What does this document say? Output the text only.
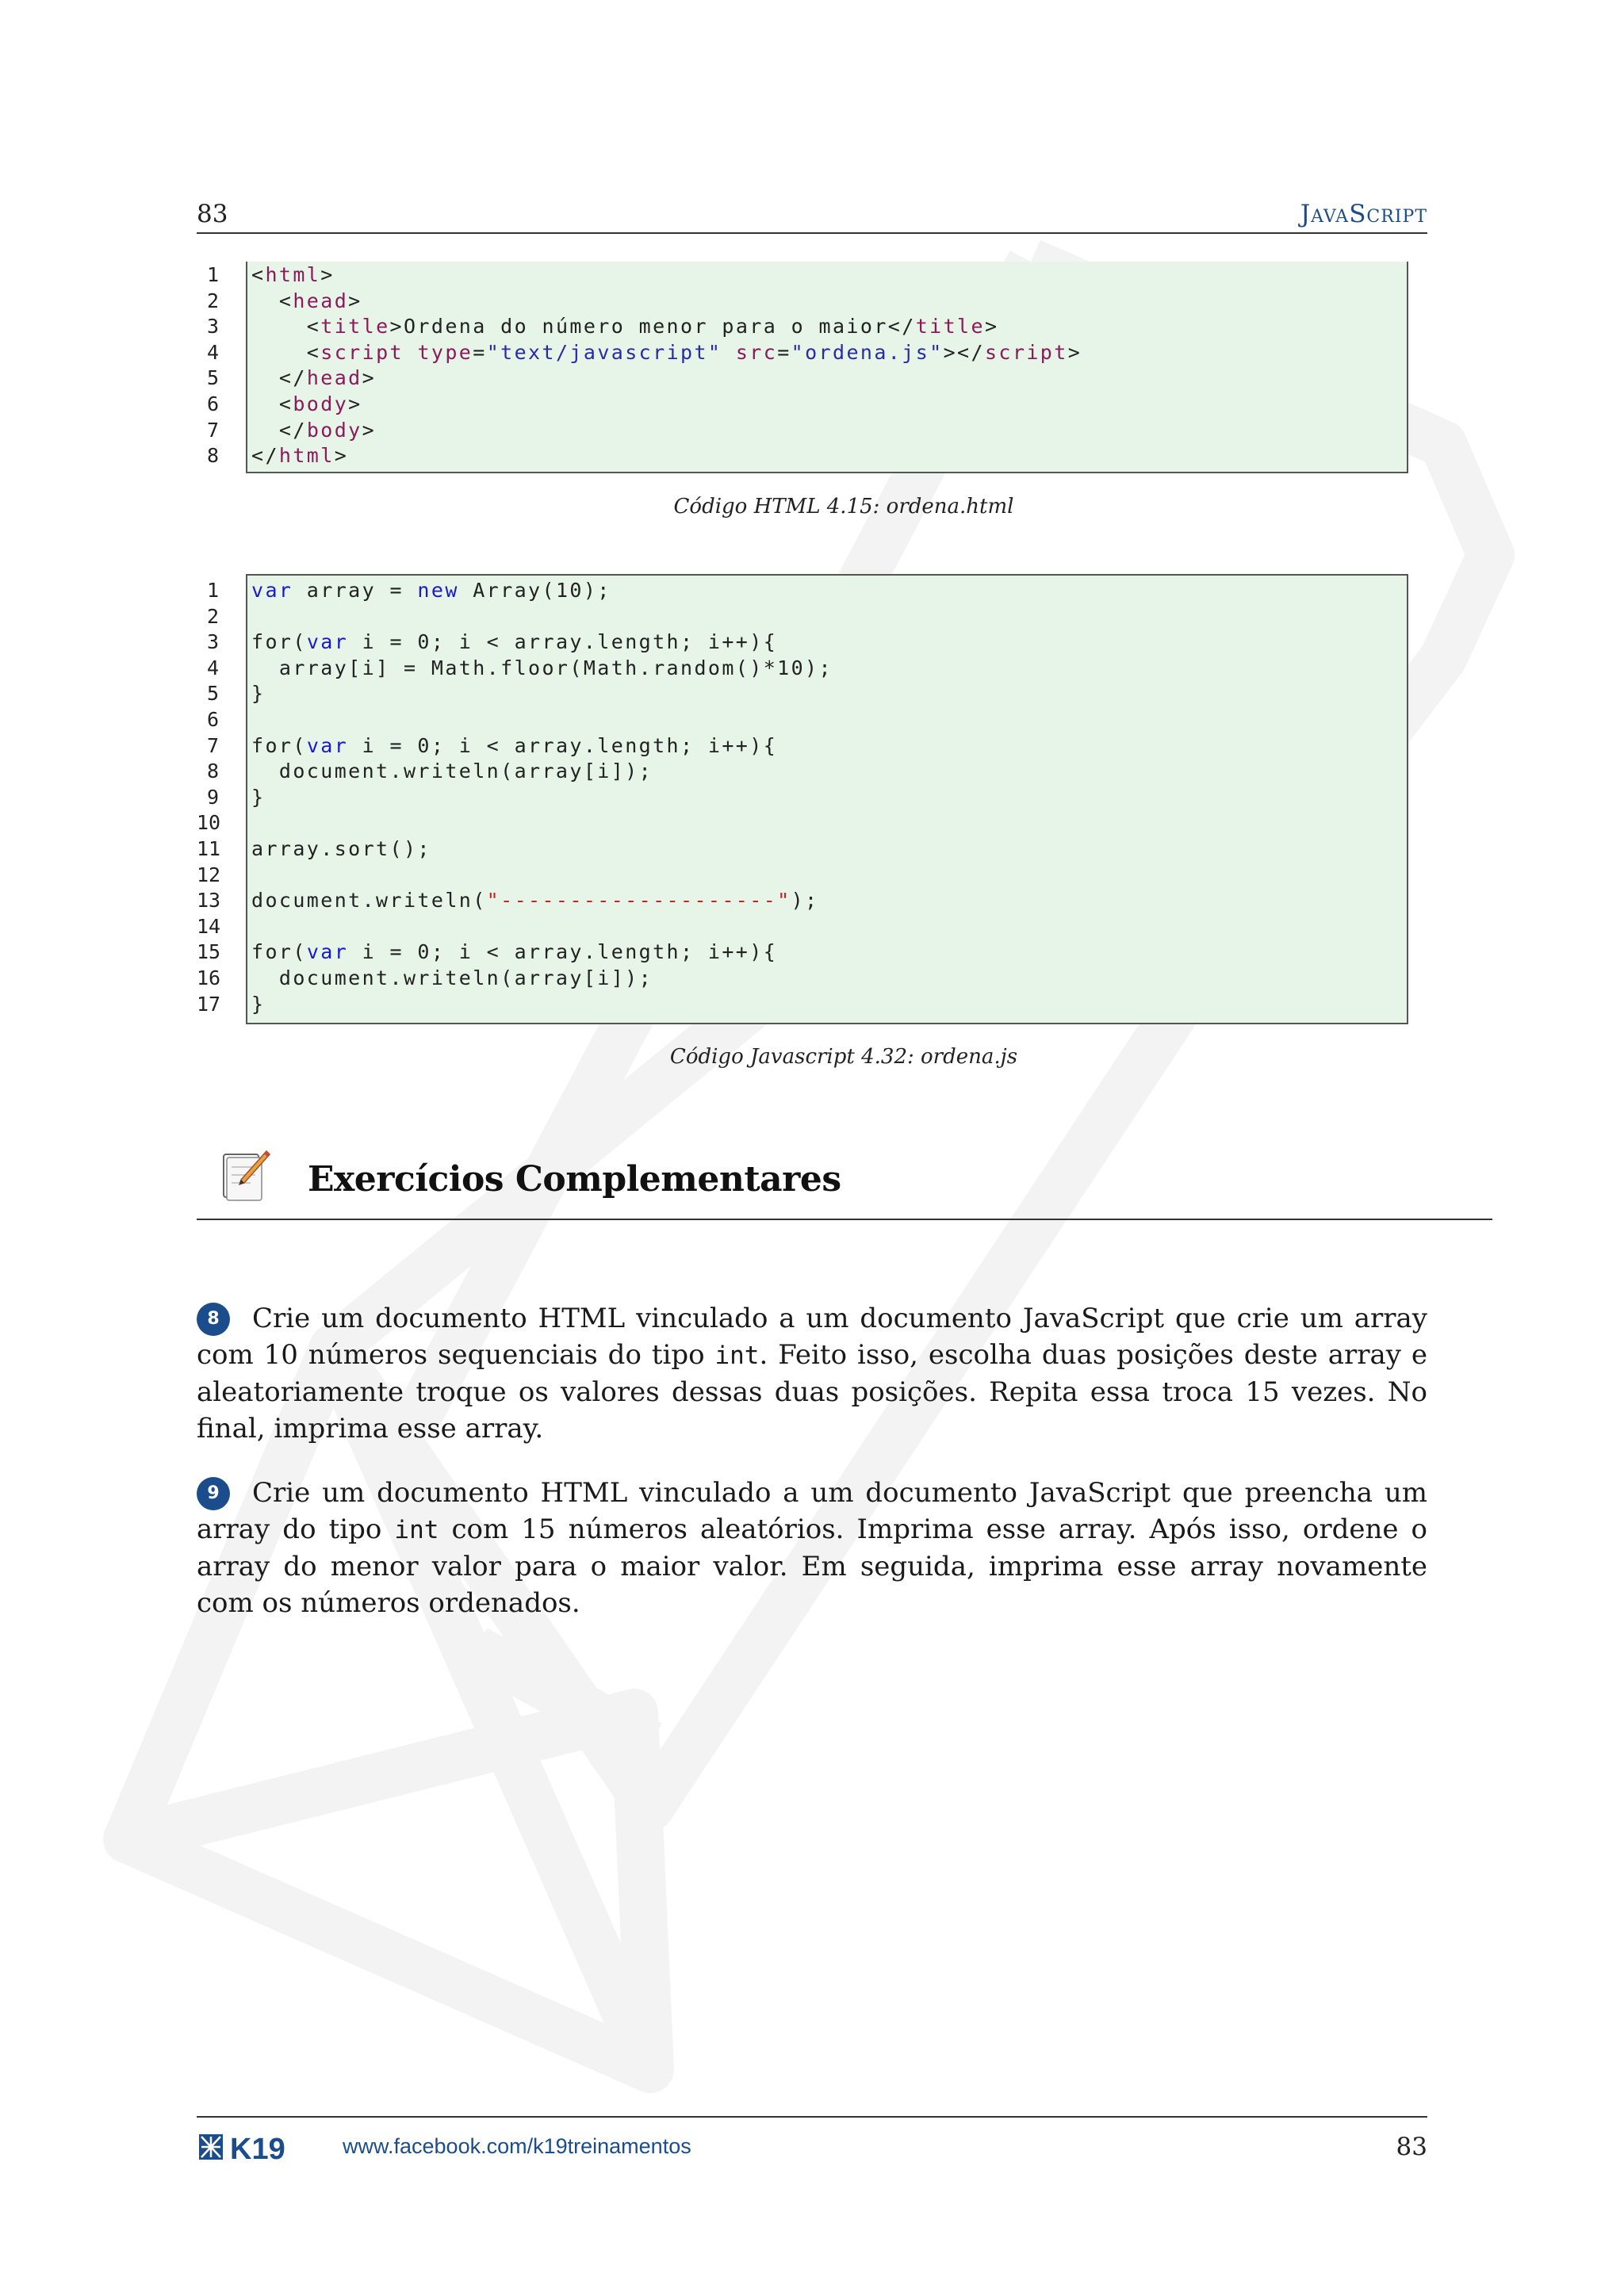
83	JavaScript
1 <html>
2 <head>
3 <title>Ordena do número menor para o maior</title>
4 <script type="text/javascript" src="ordena.js"></script>
5 </head>
6 <body>
7 </body>
8 </html>
Código HTML 4.15: ordena.html
1 var array = new Array(10);
2
3 for(var i = 0; i < array.length; i++){
4 array[i] = Math.floor(Math.random()*10);
5 }
6
7 for(var i = 0; i < array.length; i++){
8 document.writeln(array[i]);
9 }
10
11 array.sort();
12
13 document.writeln("--------------------");
14
15 for(var i = 0; i < array.length; i++){
16 document.writeln(array[i]);
17 }
Código Javascript 4.32: ordena.js
Exercícios Complementares
8 Crie um documento HTML vinculado a um documento JavaScript que crie um array com 10 números sequenciais do tipo int. Feito isso, escolha duas posições deste array e aleatoriamente troque os valores dessas duas posições. Repita essa troca 15 vezes. No final, imprima esse array.
9 Crie um documento HTML vinculado a um documento JavaScript que preencha um array do tipo int com 15 números aleatórios. Imprima esse array. Após isso, ordene o array do menor valor para o maior valor. Em seguida, imprima esse array novamente com os números ordenados.
K19	www.facebook.com/k19treinamentos	83
